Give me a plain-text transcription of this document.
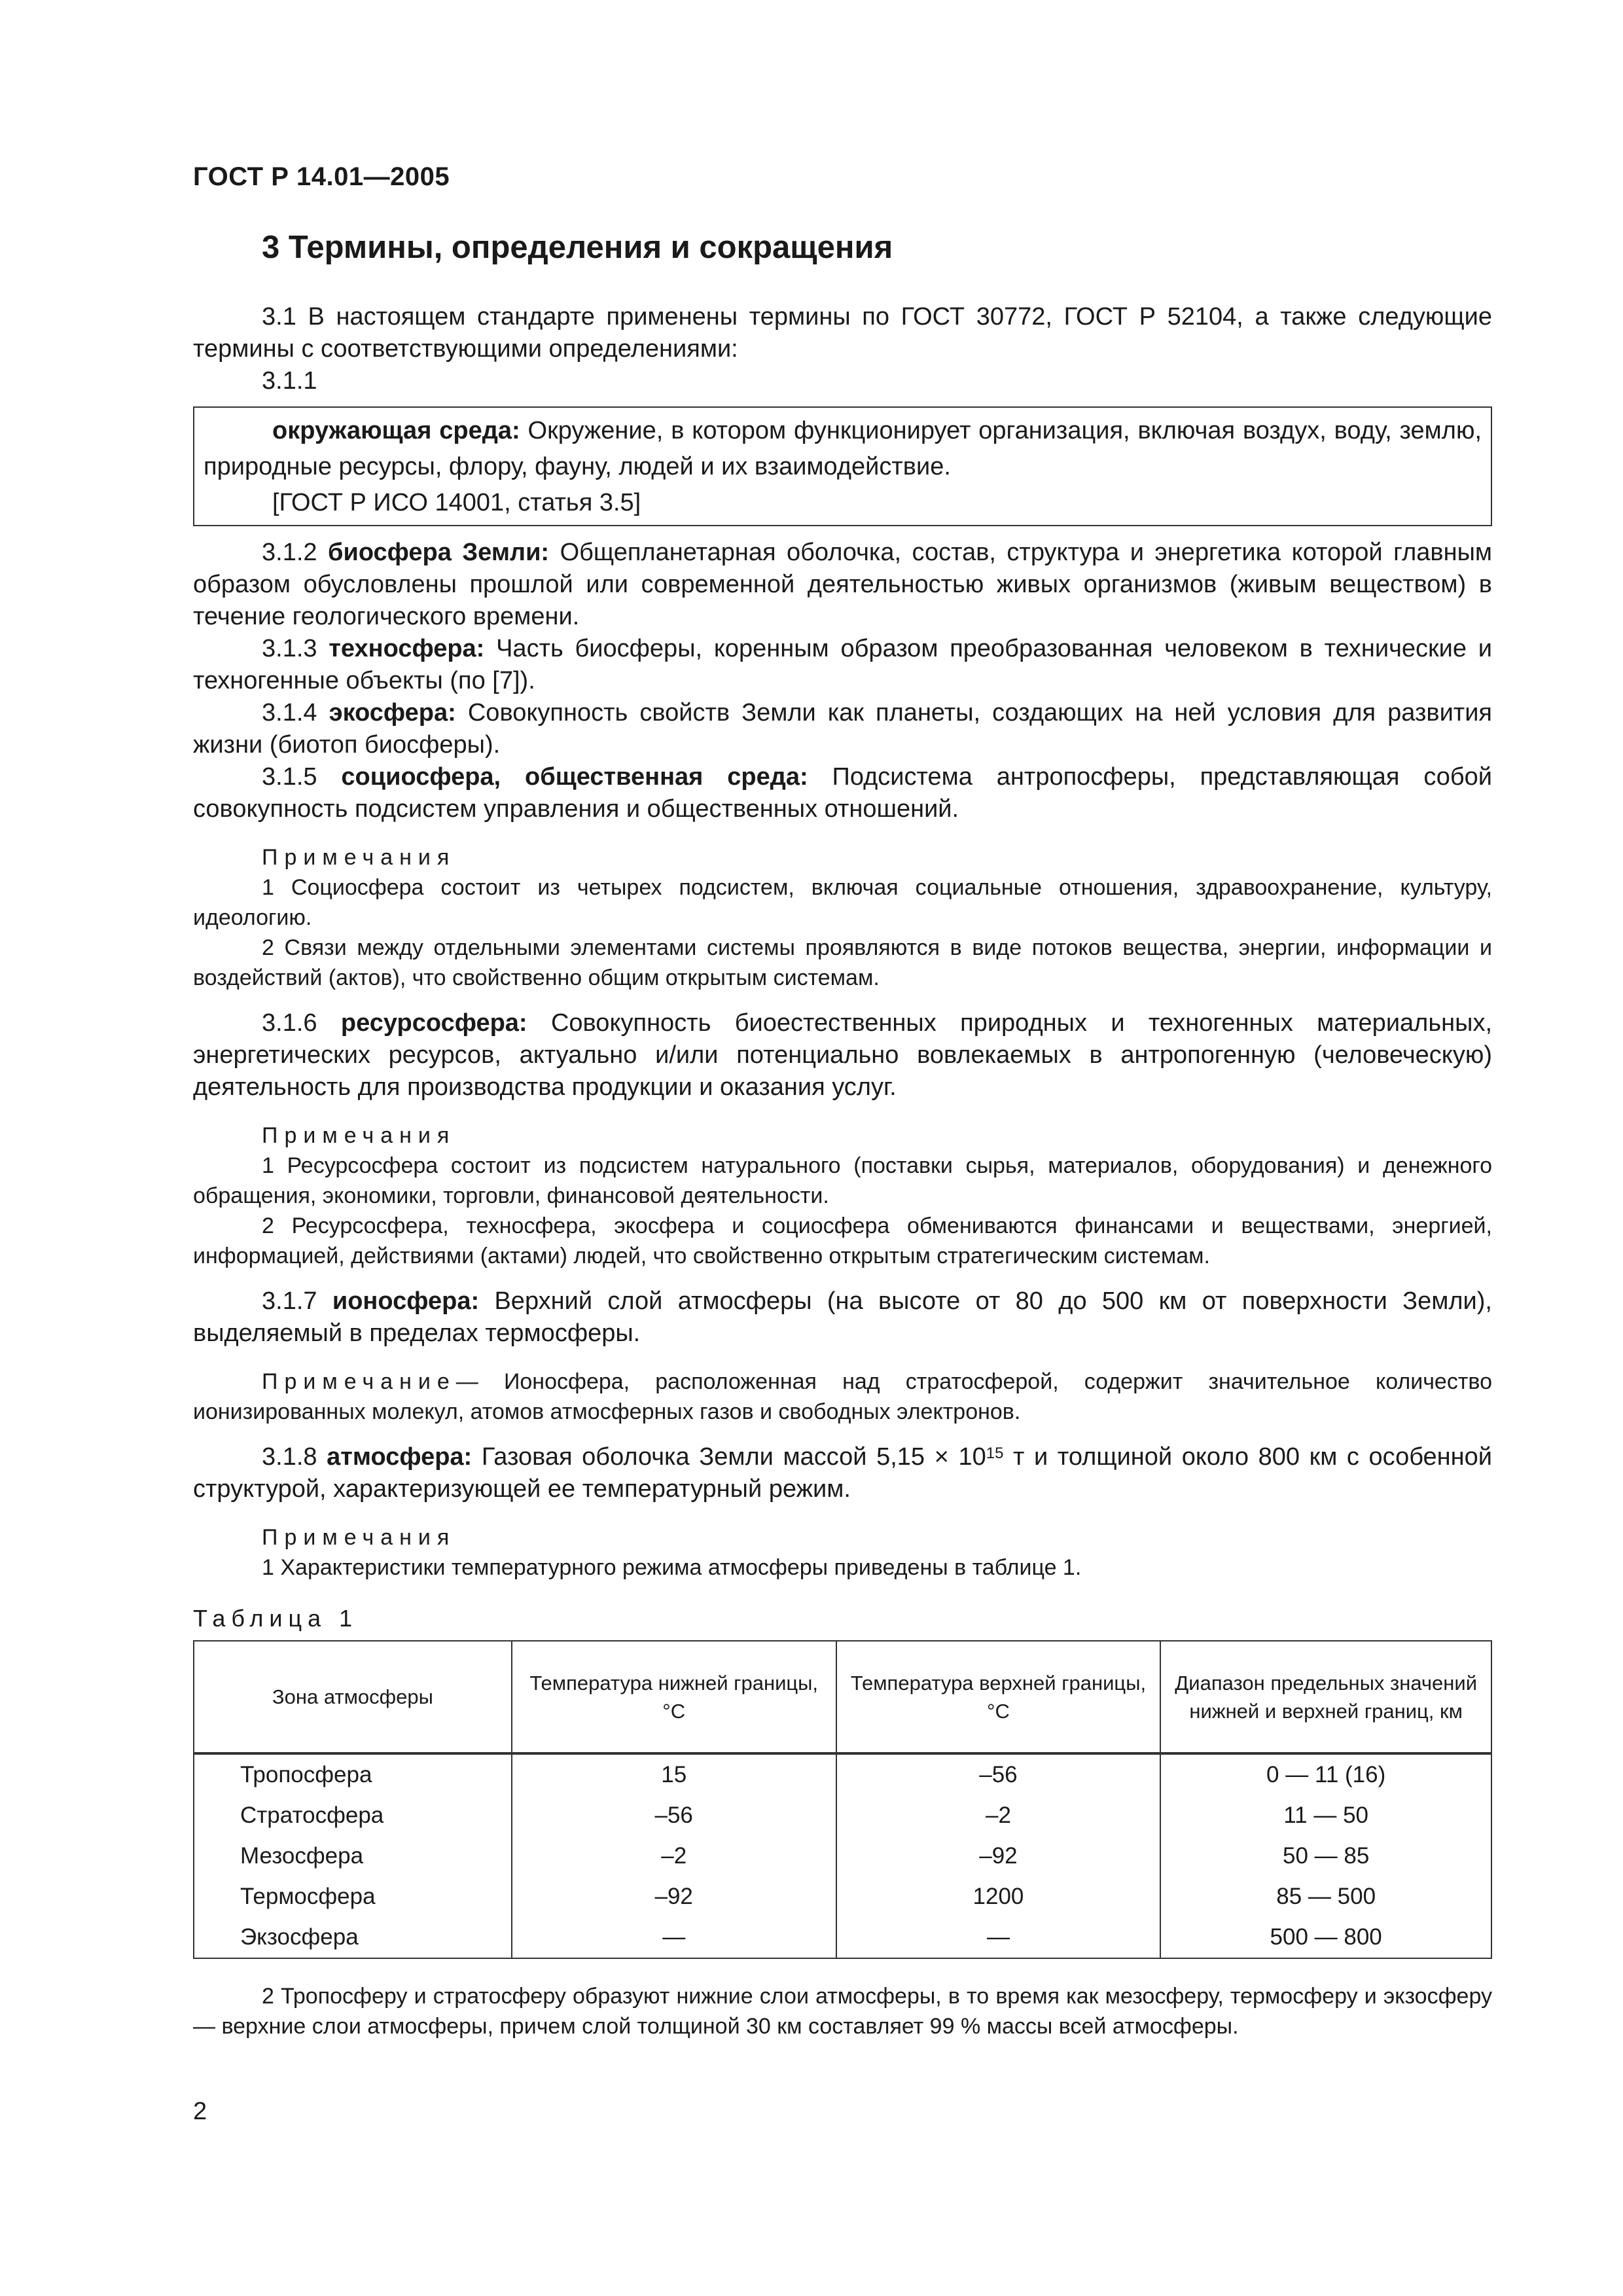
ГОСТ Р 14.01—2005
3 Термины, определения и сокращения

3.1 В настоящем стандарте применены термины по ГОСТ 30772, ГОСТ Р 52104, а также следующие термины с соответствующими определениями:

3.1.1

окружающая среда: Окружение, в котором функционирует организация, включая воздух, воду, землю, природные ресурсы, флору, фауну, людей и их взаимодействие.

[ГОСТ Р ИСО 14001, статья 3.5]

3.1.2 биосфера Земли: Общепланетарная оболочка, состав, структура и энергетика которой главным образом обусловлены прошлой или современной деятельностью живых организмов (живым веществом) в течение геологического времени.

3.1.3 техносфера: Часть биосферы, коренным образом преобразованная человеком в технические и техногенные объекты (по [7]).

3.1.4 экосфера: Совокупность свойств Земли как планеты, создающих на ней условия для развития жизни (биотоп биосферы).

3.1.5 социосфера, общественная среда: Подсистема антропосферы, представляющая собой совокупность подсистем управления и общественных отношений.

Примечания

1 Социосфера состоит из четырех подсистем, включая социальные отношения, здравоохранение, культуру, идеологию.

2 Связи между отдельными элементами системы проявляются в виде потоков вещества, энергии, информации и воздействий (актов), что свойственно общим открытым системам.

3.1.6 ресурсосфера: Совокупность биоестественных природных и техногенных материальных, энергетических ресурсов, актуально и/или потенциально вовлекаемых в антропогенную (человеческую) деятельность для производства продукции и оказания услуг.

Примечания

1 Ресурсосфера состоит из подсистем натурального (поставки сырья, материалов, оборудования) и денежного обращения, экономики, торговли, финансовой деятельности.

2 Ресурсосфера, техносфера, экосфера и социосфера обмениваются финансами и веществами, энергией, информацией, действиями (актами) людей, что свойственно открытым стратегическим системам.

3.1.7 ионосфера: Верхний слой атмосферы (на высоте от 80 до 500 км от поверхности Земли), выделяемый в пределах термосферы.

Примечание— Ионосфера, расположенная над стратосферой, содержит значительное количество ионизированных молекул, атомов атмосферных газов и свободных электронов.

3.1.8 атмосфера: Газовая оболочка Земли массой $5,15 \times 10^{15}$ т и толщиной около 800 км с особенной структурой, характеризующей ее температурный режим.

Примечания

1 Характеристики температурного режима атмосферы приведены в таблице 1.

Таблица 1
Зона атмосферы	Температура нижней границы, °С	Температура верхней границы, °С	Диапазон предельных значений нижней и верхней границ, км
Тропосфера	15	–56	0 — 11 (16)
Стратосфера	–56	–2	11 — 50
Мезосфера	–2	–92	50 — 85
Термосфера	–92	1200	85 — 500
Экзосфера	—	—	500 — 800

2 Тропосферу и стратосферу образуют нижние слои атмосферы, в то время как мезосферу, термосферу и экзосферу — верхние слои атмосферы, причем слой толщиной 30 км составляет 99 % массы всей атмосферы.

2
